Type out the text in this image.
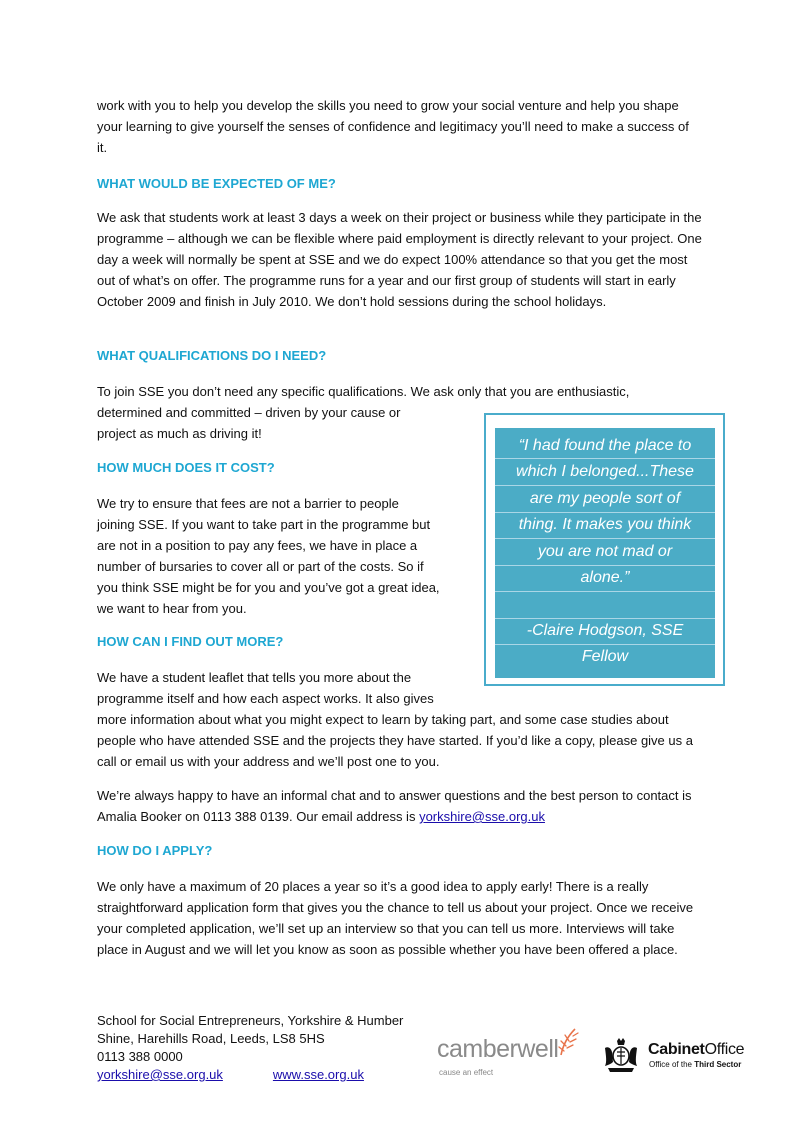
work with you to help you develop the skills you need to grow your social venture and help you shape your learning to give yourself the senses of confidence and legitimacy you’ll need to make a success of it.

WHAT WOULD BE EXPECTED OF ME?

We ask that students work at least 3 days a week on their project or business while they participate in the programme – although we can be flexible where paid employment is directly relevant to your project. One day a week will normally be spent at SSE and we do expect 100% attendance so that you get the most out of what’s on offer. The programme runs for a year and our first group of students will start in early October 2009 and finish in July 2010. We don’t hold sessions during the school holidays.

WHAT QUALIFICATIONS DO I NEED?
To join SSE you don’t need any specific qualifications. We ask only that you are enthusiastic,
determined and committed – driven by your cause or
project as much as driving it!
HOW MUCH DOES IT COST?
We try to ensure that fees are not a barrier to people
joining SSE. If you want to take part in the programme but
are not in a position to pay any fees, we have in place a
number of bursaries to cover all or part of the costs. So if
you think SSE might be for you and you’ve got a great idea,
we want to hear from you.
HOW CAN I FIND OUT MORE?
We have a student leaflet that tells you more about the
programme itself and how each aspect works. It also gives

more information about what you might expect to learn by taking part, and some case studies about people who have attended SSE and the projects they have started. If you’d like a copy, please give us a call or email us with your address and we’ll post one to you.

We’re always happy to have an informal chat and to answer questions and the best person to contact is Amalia Booker on 0113 388 0139. Our email address is yorkshire@sse.org.uk

HOW DO I APPLY?

We only have a maximum of 20 places a year so it’s a good idea to apply early! There is a really straightforward application form that gives you the chance to tell us about your project. Once we receive your completed application, we’ll set up an interview so that you can tell us more. Interviews will take place in August and we will let you know as soon as possible whether you have been offered a place.

“I had found the place to
which I belonged...These
are my people sort of
thing. It makes you think
you are not mad or
alone.”
-Claire Hodgson, SSE
Fellow
School for Social Entrepreneurs, Yorkshire & Humber
Shine, Harehills Road, Leeds, LS8 5HS
0113 388 0000
yorkshire@sse.org.uk	www.sse.org.uk
camberwell
cause an effect
CabinetOffice
Office of the Third Sector
